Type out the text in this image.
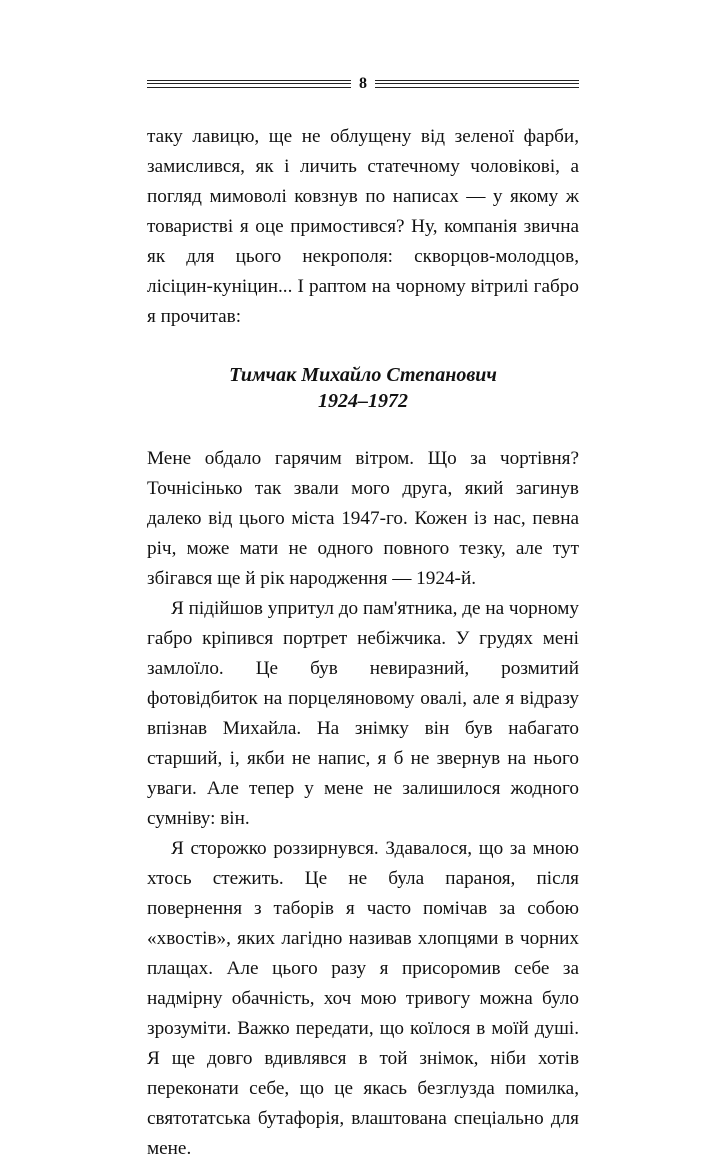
8

таку лавицю, ще не облущену від зеленої фарби, замислився, як і личить статечному чоловікові, а погляд мимоволі ковзнув по написах — у якому ж товаристві я оце примостився? Ну, компанія звична як для цього некрополя: скворцов-молодцов, лісіцин-куніцин... І раптом на чорному вітрилі габро я прочитав:

Тимчак Михайло Степанович
1924–1972

Мене обдало гарячим вітром. Що за чортівня? Точнісінько так звали мого друга, який загинув далеко від цього міста 1947-го. Кожен із нас, певна річ, може мати не одного повного тезку, але тут збігався ще й рік народження — 1924-й.

Я підійшов упритул до пам'ятника, де на чорному габро кріпився портрет небіжчика. У грудях мені замлоїло. Це був невиразний, розмитий фотовідбиток на порцеляновому овалі, але я відразу впізнав Михайла. На знімку він був набагато старший, і, якби не напис, я б не звернув на нього уваги. Але тепер у мене не залишилося жодного сумніву: він.

Я сторожко роззирнувся. Здавалося, що за мною хтось стежить. Це не була параноя, після повернення з таборів я часто помічав за собою «хвостів», яких лагідно називав хлопцями в чорних плащах. Але цього разу я присоромив себе за надмірну обачність, хоч мою тривогу можна було зрозуміти. Важко передати, що коїлося в моїй душі. Я ще довго вдивлявся в той знімок, ніби хотів переконати себе, що це якась безглузда помилка, святотатська бутафорія, влаштована спеціально для мене.
